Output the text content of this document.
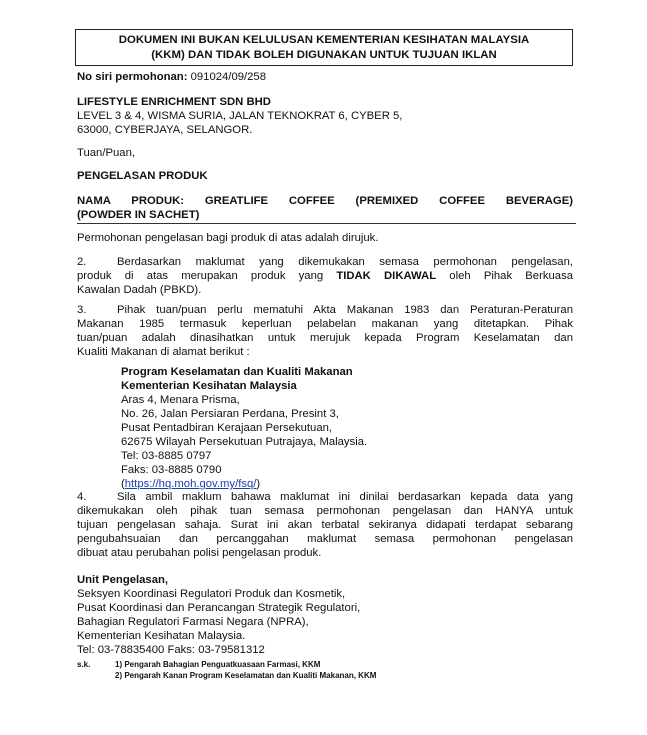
DOKUMEN INI BUKAN KELULUSAN KEMENTERIAN KESIHATAN MALAYSIA
(KKM) DAN TIDAK BOLEH DIGUNAKAN UNTUK TUJUAN IKLAN
No siri permohonan: 091024/09/258
LIFESTYLE ENRICHMENT SDN BHD
LEVEL 3 & 4, WISMA SURIA, JALAN TEKNOKRAT 6, CYBER 5,
63000, CYBERJAYA, SELANGOR.
Tuan/Puan,
PENGELASAN PRODUK
NAMA PRODUK: GREATLIFE COFFEE (PREMIXED COFFEE BEVERAGE)
(POWDER IN SACHET)
Permohonan pengelasan bagi produk di atas adalah dirujuk.
2.	Berdasarkan maklumat yang dikemukakan semasa permohonan pengelasan,
produk di atas merupakan produk yang TIDAK DIKAWAL oleh Pihak Berkuasa
Kawalan Dadah (PBKD).
3.	Pihak tuan/puan perlu mematuhi Akta Makanan 1983 dan Peraturan-Peraturan
Makanan 1985 termasuk keperluan pelabelan makanan yang ditetapkan. Pihak
tuan/puan adalah dinasihatkan untuk merujuk kepada Program Keselamatan dan
Kualiti Makanan di alamat berikut :
Program Keselamatan dan Kualiti Makanan
Kementerian Kesihatan Malaysia
Aras 4, Menara Prisma,
No. 26, Jalan Persiaran Perdana, Presint 3,
Pusat Pentadbiran Kerajaan Persekutuan,
62675 Wilayah Persekutuan Putrajaya, Malaysia.
Tel: 03-8885 0797
Faks: 03-8885 0790
(https://hq.moh.gov.my/fsq/)
4.	Sila ambil maklum bahawa maklumat ini dinilai berdasarkan kepada data yang
dikemukakan oleh pihak tuan semasa permohonan pengelasan dan HANYA untuk
tujuan pengelasan sahaja. Surat ini akan terbatal sekiranya didapati terdapat sebarang
pengubahsuaian dan percanggahan maklumat semasa permohonan pengelasan
dibuat atau perubahan polisi pengelasan produk.
Unit Pengelasan,
Seksyen Koordinasi Regulatori Produk dan Kosmetik,
Pusat Koordinasi dan Perancangan Strategik Regulatori,
Bahagian Regulatori Farmasi Negara (NPRA),
Kementerian Kesihatan Malaysia.
Tel: 03-78835400 Faks: 03-79581312
s.k.	1) Pengarah Bahagian Penguatkuasaan Farmasi, KKM
2) Pengarah Kanan Program Keselamatan dan Kualiti Makanan, KKM
